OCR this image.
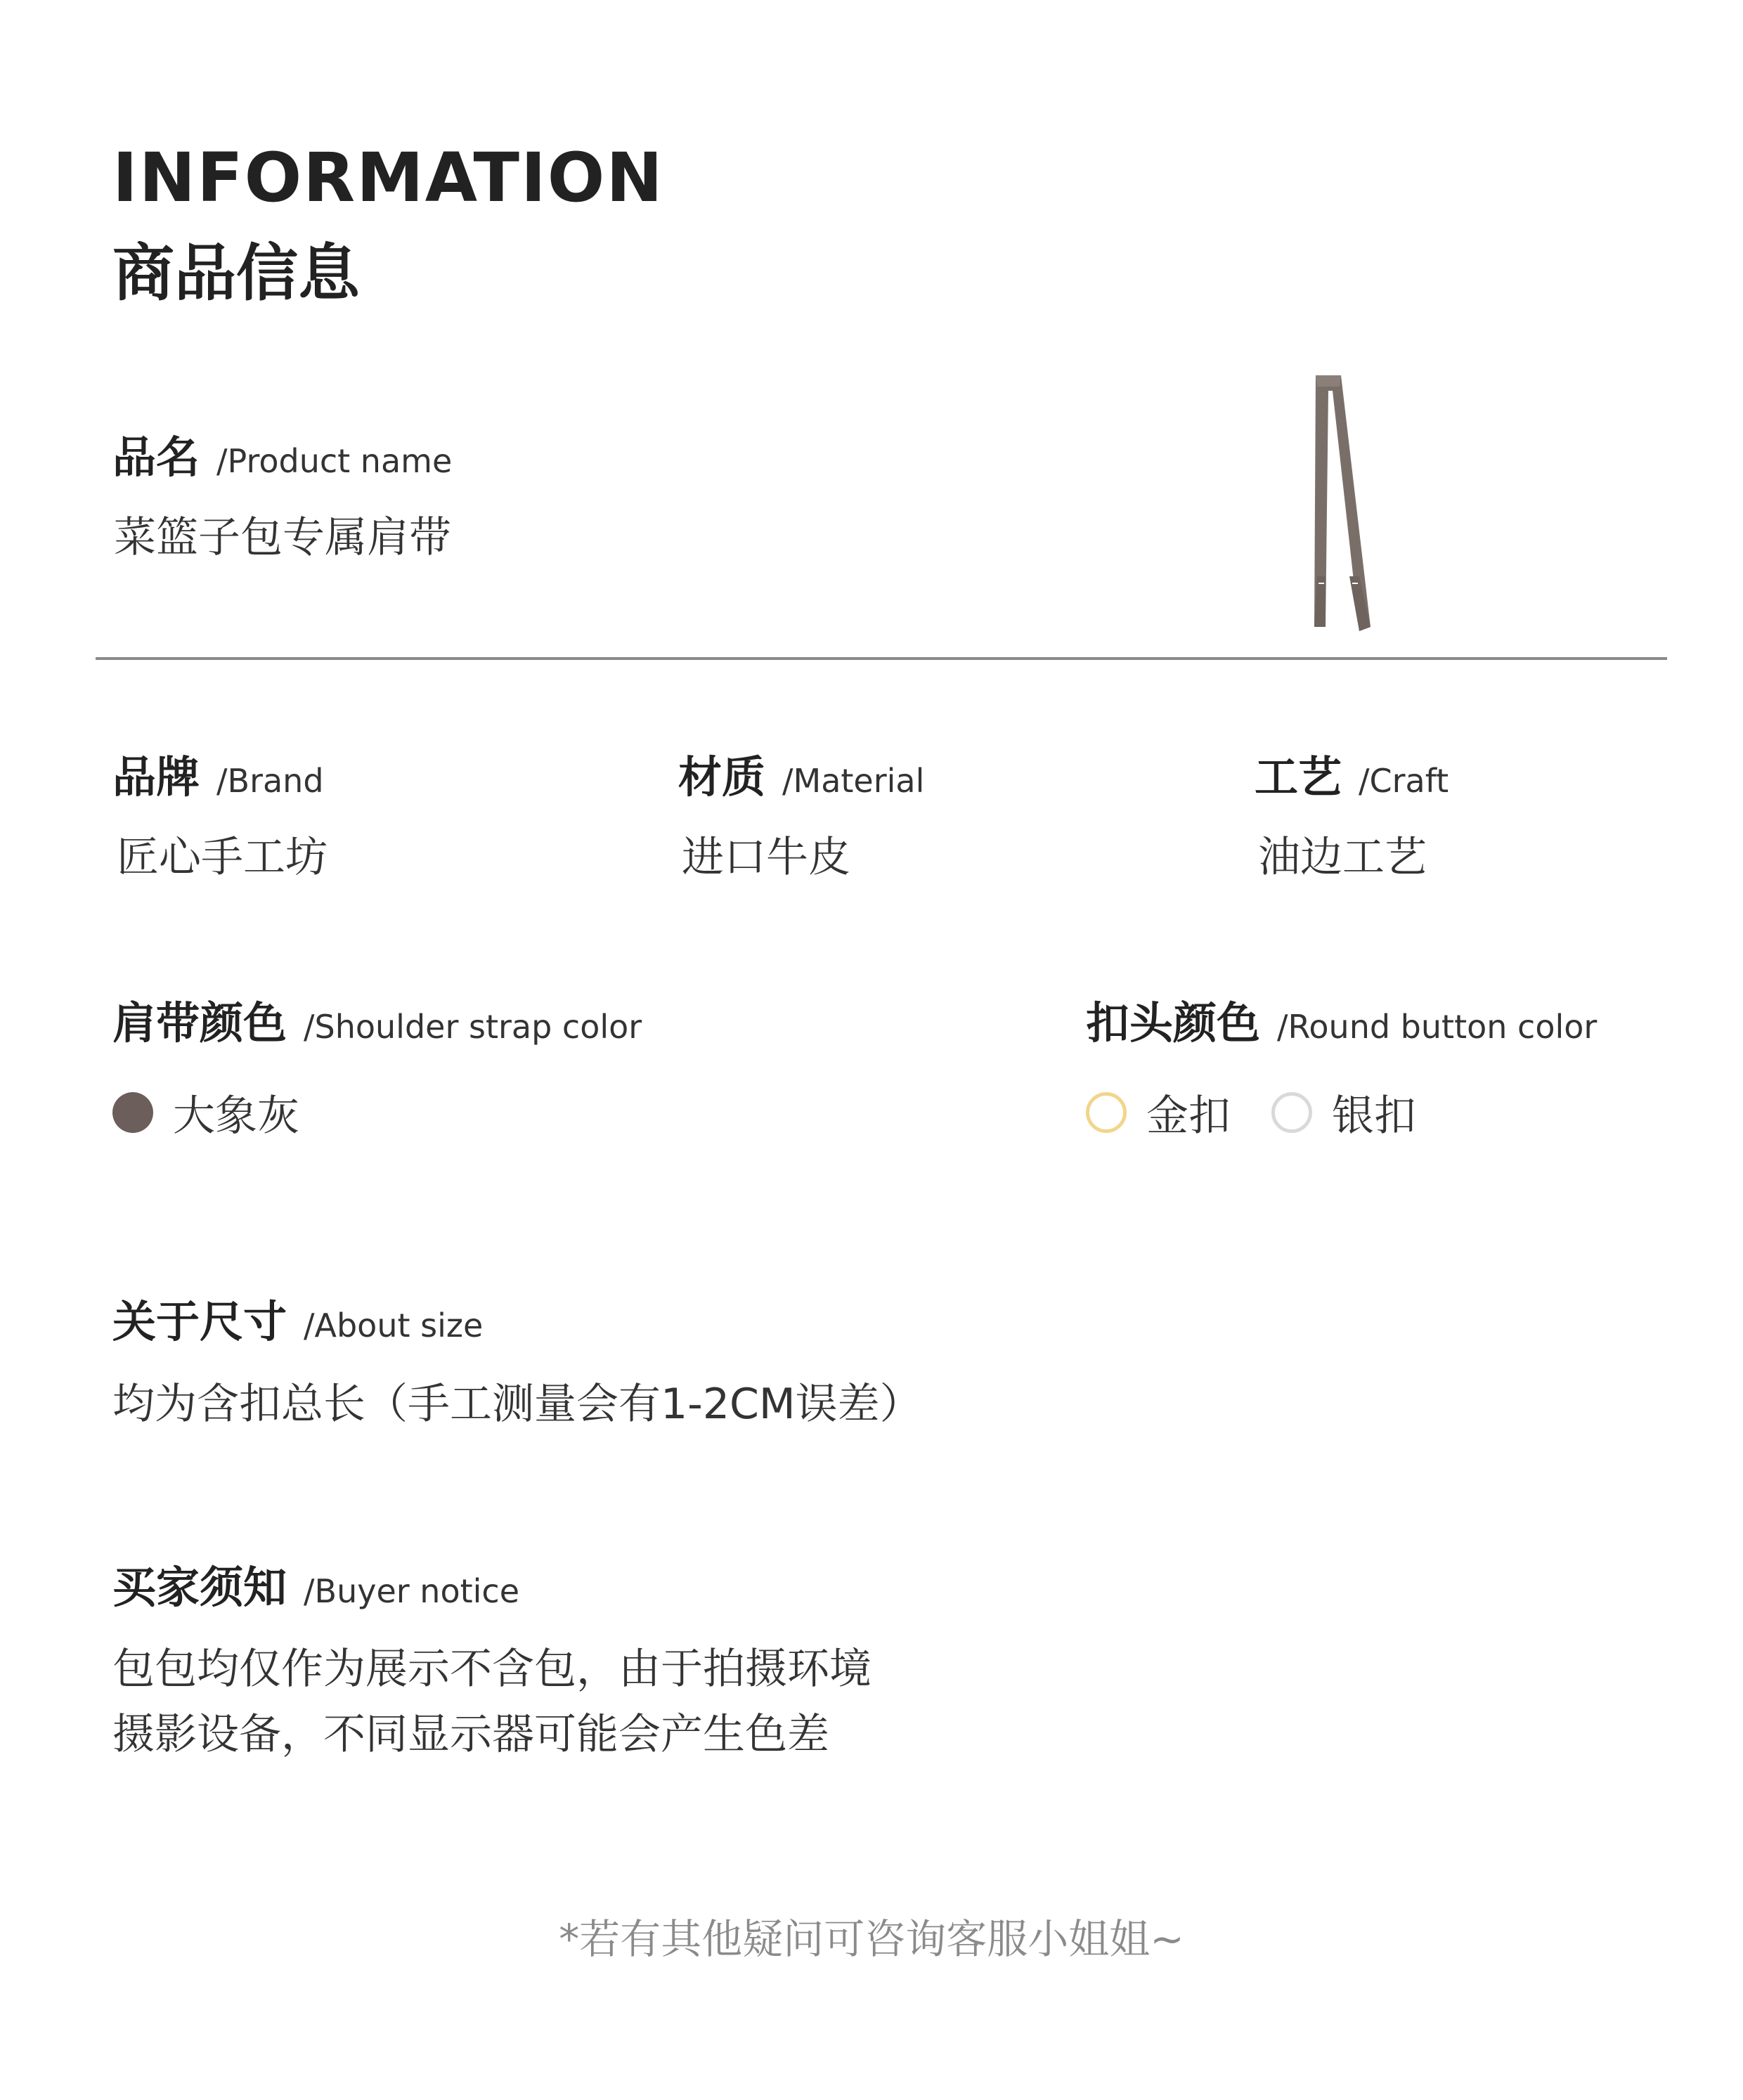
INFORMATION
商品信息
品名 /Product name
菜篮子包专属肩带
品牌 /Brand
匠心手工坊
材质 /Material
进口牛皮
工艺 /Craft
油边工艺
肩带颜色 /Shoulder strap color
大象灰
扣头颜色 /Round button color
金扣 银扣
关于尺寸 /About size
均为含扣总长（手工测量会有1-2CM误差）
买家须知 /Buyer notice
包包均仅作为展示不含包，由于拍摄环境
摄影设备，不同显示器可能会产生色差
*若有其他疑问可咨询客服小姐姐~
